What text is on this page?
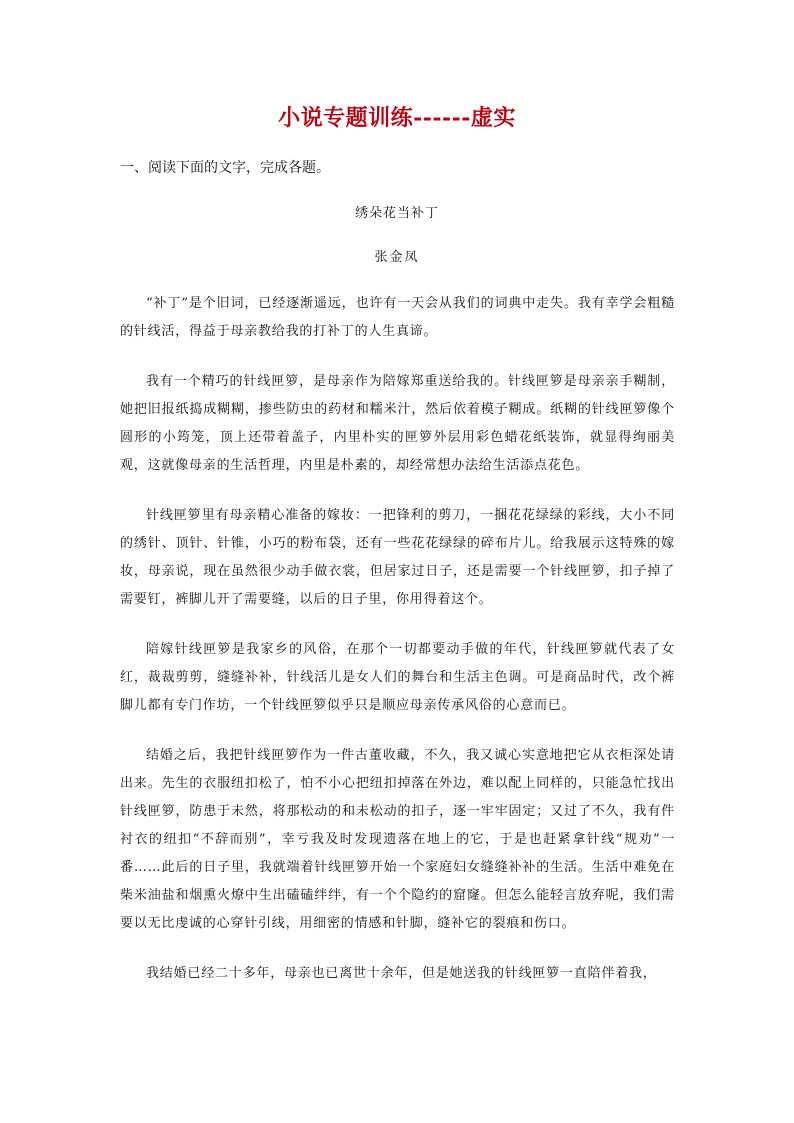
小说专题训练------虚实
一、阅读下面的文字，完成各题。
绣朵花当补丁
张金凤

“补丁”是个旧词，已经逐渐遥远，也许有一天会从我们的词典中走失。我有幸学会粗糙的针线活，得益于母亲教给我的打补丁的人生真谛。

我有一个精巧的针线匣箩，是母亲作为陪嫁郑重送给我的。针线匣箩是母亲亲手糊制，她把旧报纸捣成糊糊，掺些防虫的药材和糯米汁，然后依着模子糊成。纸糊的针线匣箩像个圆形的小筠笼，顶上还带着盖子，内里朴实的匣箩外层用彩色蜡花纸装饰，就显得绚丽美观，这就像母亲的生活哲理，内里是朴素的，却经常想办法给生活添点花色。

针线匣箩里有母亲精心准备的嫁妆：一把锋利的剪刀，一捆花花绿绿的彩线，大小不同的绣针、顶针、针锥，小巧的粉布袋，还有一些花花绿绿的碎布片儿。给我展示这特殊的嫁妆，母亲说，现在虽然很少动手做衣裳，但居家过日子，还是需要一个针线匣箩，扣子掉了需要钉，裤脚儿开了需要缝，以后的日子里，你用得着这个。

陪嫁针线匣箩是我家乡的风俗，在那个一切都要动手做的年代，针线匣箩就代表了女红，裁裁剪剪，缝缝补补，针线活儿是女人们的舞台和生活主色调。可是商品时代，改个裤脚儿都有专门作坊，一个针线匣箩似乎只是顺应母亲传承风俗的心意而已。

结婚之后，我把针线匣箩作为一件古董收藏，不久，我又诚心实意地把它从衣柜深处请出来。先生的衣服纽扣松了，怕不小心把纽扣掉落在外边，难以配上同样的，只能急忙找出针线匣箩，防患于未然，将那松动的和未松动的扣子，逐一牢牢固定；又过了不久，我有件衬衣的纽扣“不辞而别”，幸亏我及时发现遗落在地上的它，于是也赶紧拿针线“规劝”一番……此后的日子里，我就端着针线匣箩开始一个家庭妇女缝缝补补的生活。生活中难免在柴米油盐和烟熏火燎中生出磕磕绊绊，有一个个隐约的窟窿。但怎么能轻言放弃呢，我们需要以无比虔诚的心穿针引线，用细密的情感和针脚，缝补它的裂痕和伤口。

我结婚已经二十多年，母亲也已离世十余年，但是她送我的针线匣箩一直陪伴着我，
